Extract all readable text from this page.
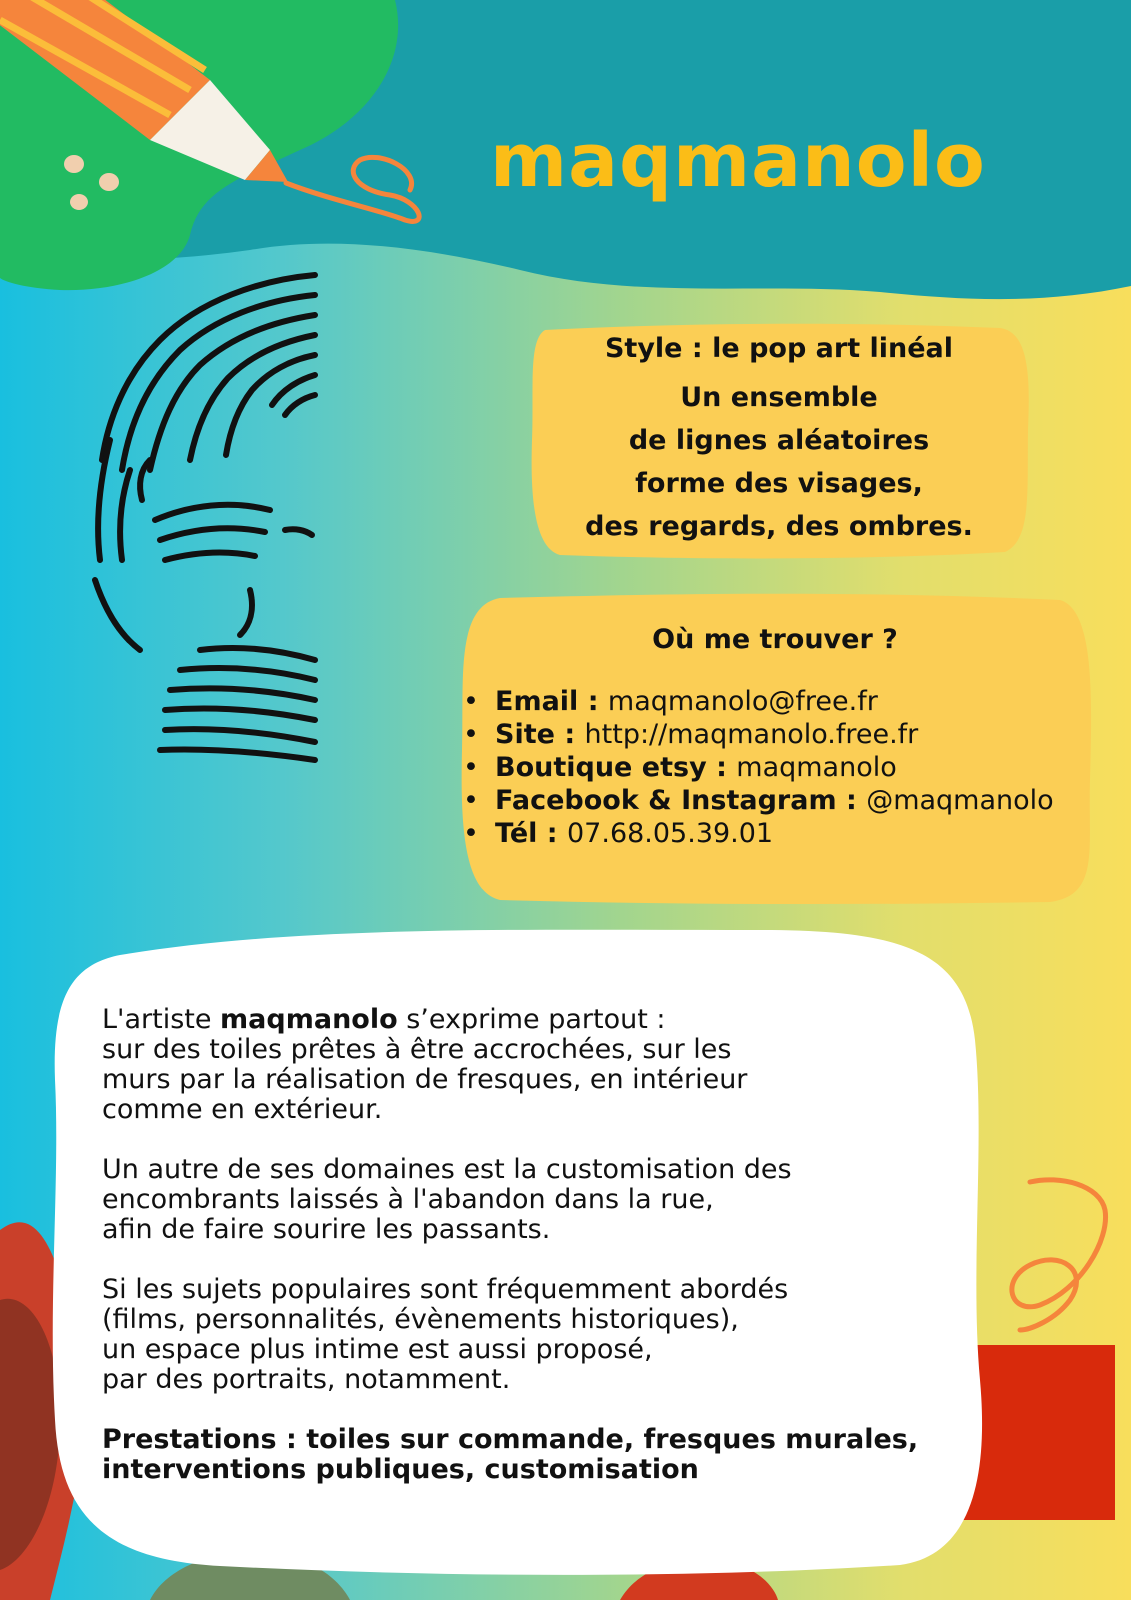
maqmanolo
Style : le pop art linéal
Un ensemble
de lignes aléatoires
forme des visages,
des regards, des ombres.
Où me trouver ?
• Email : maqmanolo@free.fr
• Site : http://maqmanolo.free.fr
• Boutique etsy : maqmanolo
• Facebook & Instagram : @maqmanolo
• Tél : 07.68.05.39.01

L'artiste maqmanolo s’exprime partout :
sur des toiles prêtes à être accrochées, sur les
murs par la réalisation de fresques, en intérieur
comme en extérieur.

Un autre de ses domaines est la customisation des
encombrants laissés à l'abandon dans la rue,
afin de faire sourire les passants.

Si les sujets populaires sont fréquemment abordés
(films, personnalités, évènements historiques),
un espace plus intime est aussi proposé,
par des portraits, notamment.

Prestations : toiles sur commande, fresques murales,
interventions publiques, customisation
